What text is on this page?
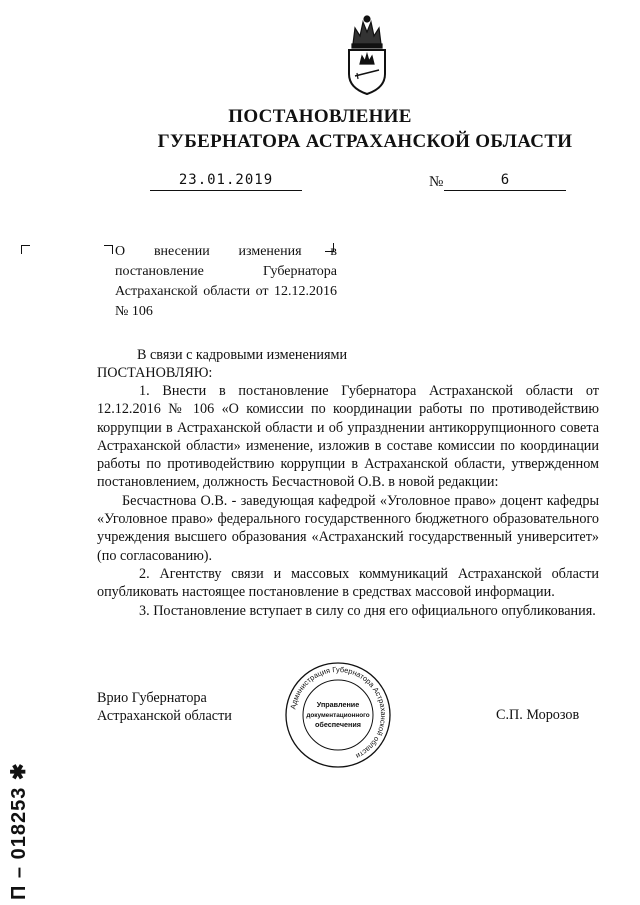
ПОСТАНОВЛЕНИЕ
ГУБЕРНАТОРА АСТРАХАНСКОЙ ОБЛАСТИ
23.01.2019	№	6
О внесении изменения в постановление Губернатора Астраханской области от 12.12.2016 № 106

В связи с кадровыми изменениями

ПОСТАНОВЛЯЮ:

1. Внести в постановление Губернатора Астраханской области от 12.12.2016 № 106 «О комиссии по координации работы по противодействию коррупции в Астраханской области и об упразднении антикоррупционного совета Астраханской области» изменение, изложив в составе комиссии по координации работы по противодействию коррупции в Астраханской области, утвержденном постановлением, должность Бесчастновой О.В. в новой редакции:

Бесчастнова О.В. - заведующая кафедрой «Уголовное право» доцент кафедры «Уголовное право» федерального государственного бюджетного образовательного учреждения высшего образования «Астраханский государственный университет» (по согласованию).

2. Агентству связи и массовых коммуникаций Астраханской области опубликовать настоящее постановление в средствах массовой информации.

3. Постановление вступает в силу со дня его официального опубликования.

Врио Губернатора
Астраханской области	С.П. Морозов
Администрация Губернатора Астраханской области
Управление
документационного
обеспечения
П – 018253 ✱
